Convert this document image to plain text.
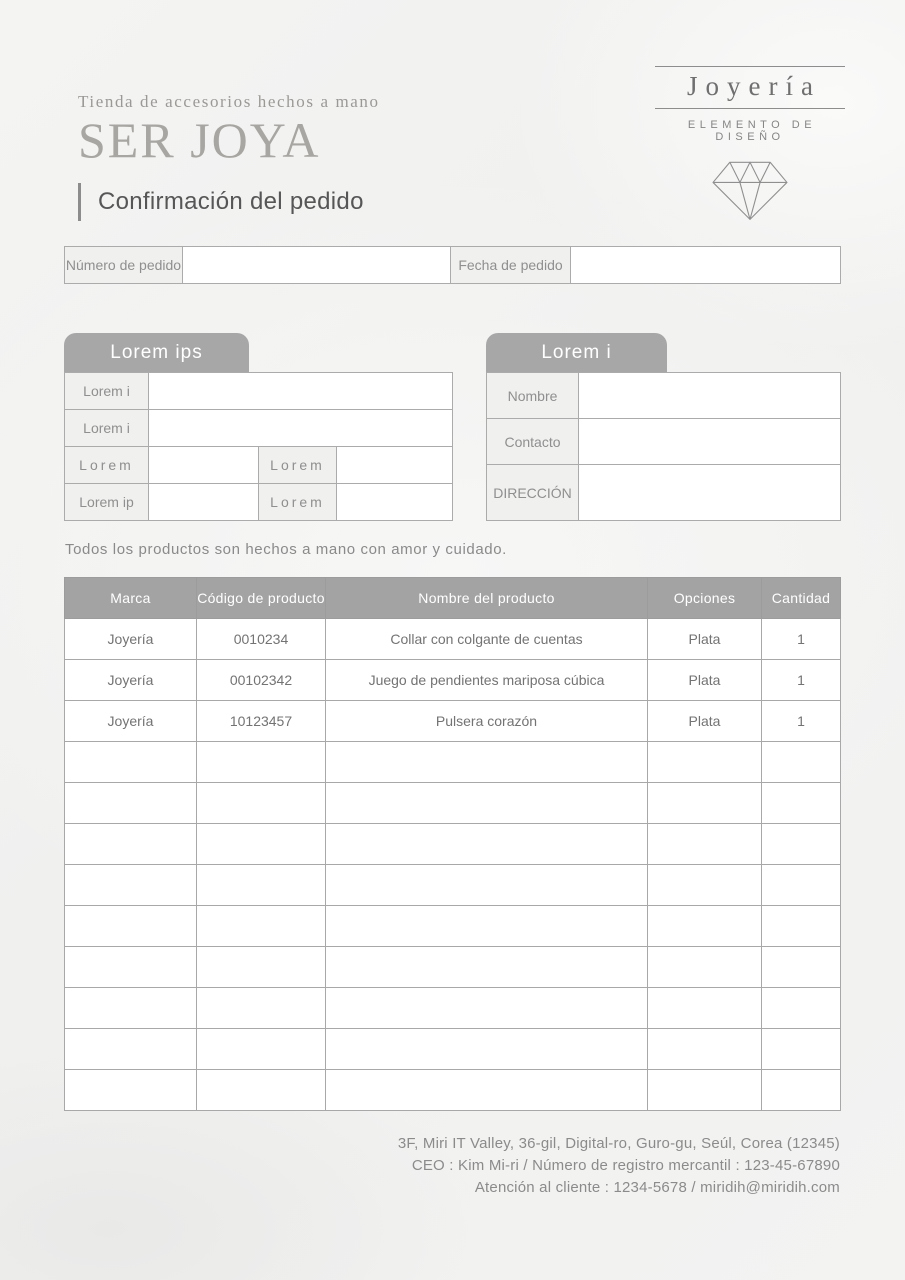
Tienda de accesorios hechos a mano
SER JOYA
Joyería
ELEMENTO DE DISEÑO
Confirmación del pedido
Número de pedido		Fecha de pedido	
Lorem ips
Lorem i			
Lorem i			
Lorem		Lorem	
Lorem ip		Lorem	
Lorem i
Nombre	
Contacto	
DIRECCIÓN	

Todos los productos son hechos a mano con amor y cuidado.

Marca	Código de producto	Nombre del producto	Opciones	Cantidad
Joyería	0010234	Collar con colgante de cuentas	Plata	1
Joyería	00102342	Juego de pendientes mariposa cúbica	Plata	1
Joyería	10123457	Pulsera corazón	Plata	1

3F, Miri IT Valley, 36-gil, Digital-ro, Guro-gu, Seúl, Corea (12345)
CEO : Kim Mi-ri / Número de registro mercantil : 123-45-67890
Atención al cliente : 1234-5678 / miridih@miridih.com
